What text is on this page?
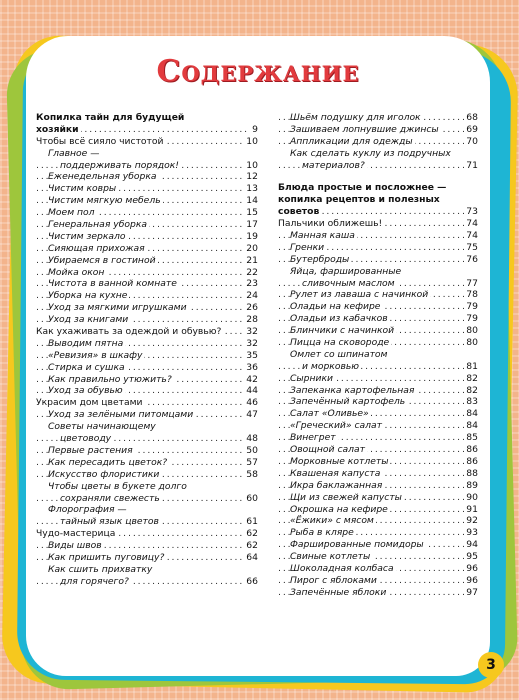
Содержание
Копилка тайн для будущей
хозяйки	9
. . .
Чтобы всё сияло чистотой	10
. . .
Главное —
поддерживать порядок!	10
. . .
Еженедельная уборка	12
. . .
Чистим ковры	13
. . .
Чистим мягкую мебель	14
. . .
Моем пол	15
. . .
Генеральная уборка	17
. . .
Чистим зеркало	19
. . .
Сияющая прихожая	20
. . .
Убираемся в гостиной	21
. . .
Мойка окон	22
. . .
Чистота в ванной комнате	23
. . .
Уборка на кухне	24
. . .
Уход за мягкими игрушками	26
. . .
Уход за книгами	28
. . .
Как ухаживать за одеждой и обувью?	32
. . .
Выводим пятна	32
. . .
«Ревизия» в шкафу	35
. . .
Стирка и сушка	36
. . .
Как правильно утюжить?	42
. . .
Уход за обувью	44
. . .
Украсим дом цветами	46
. . .
Уход за зелёными питомцами	47
. . .
Советы начинающему
цветоводу	48
. . .
Первые растения	50
. . .
Как пересадить цветок?	57
. . .
Искусство флористики	58
. . .
Чтобы цветы в букете долго
сохраняли свежесть	60
. . .
Флорография —
тайный язык цветов	61
. . .
Чудо-мастерица	62
. . .
Виды швов	62
. . .
Как пришить пуговицу?	64
. . .
Как сшить прихватку
для горячего?	66
. . .
Шьём подушку для иголок	68
. . .
Зашиваем лопнувшие джинсы	69
. . .
Аппликации для одежды	70
. . .
Как сделать куклу из подручных
материалов?	71
. . .
Блюда простые и посложнее —
копилка рецептов и полезных
советов	73
. . .
Пальчики оближешь!	74
. . .
Манная каша	74
. . .
Гренки	75
. . .
Бутерброды	76
. . .
Яйца, фаршированные
сливочным маслом	77
. . .
Рулет из лаваша с начинкой	78
. . .
Оладьи на кефире	79
. . .
Оладьи из кабачков	79
. . .
Блинчики с начинкой	80
. . .
Пицца на сковороде	80
. . .
Омлет со шпинатом
и морковью	81
. . .
Сырники	82
. . .
Запеканка картофельная	82
. . .
Запечённый картофель	83
. . .
Салат «Оливье»	84
. . .
«Греческий» салат	84
. . .
Винегрет	85
. . .
Овощной салат	86
. . .
Морковные котлеты	86
. . .
Квашеная капуста	88
. . .
Икра баклажанная	89
. . .
Щи из свежей капусты	90
. . .
Окрошка на кефире	91
. . .
«Ёжики» с мясом	92
. . .
Рыба в кляре	93
. . .
Фаршированные помидоры	94
. . .
Свиные котлеты	95
. . .
Шоколадная колбаса	96
. . .
Пирог с яблоками	96
. . .
Запечённые яблоки	97
. . .
3
